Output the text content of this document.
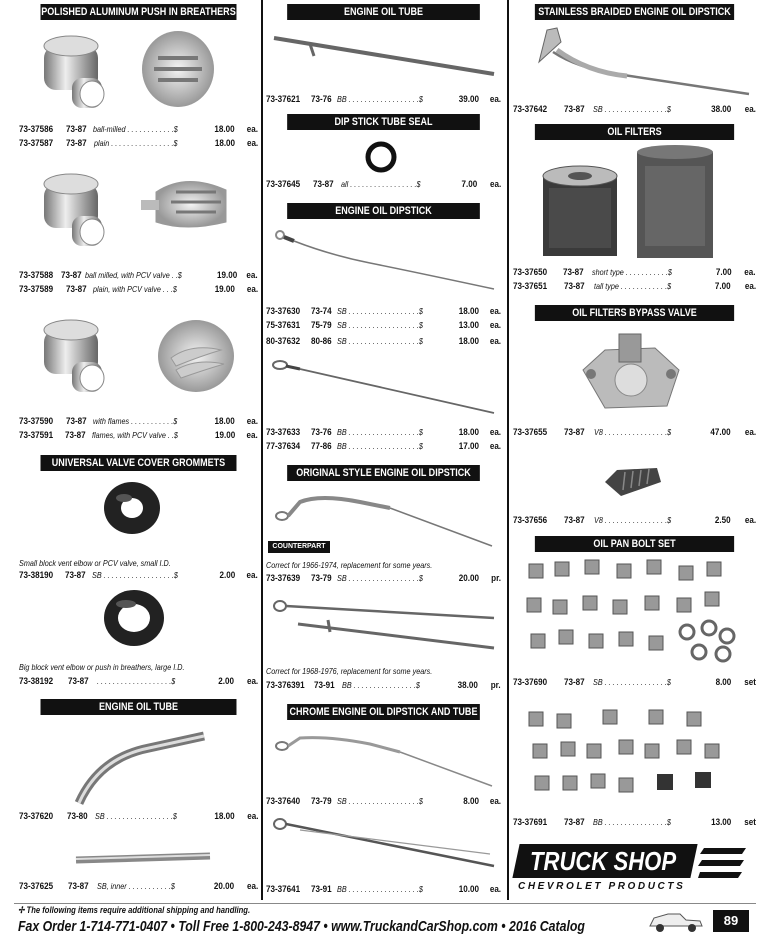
POLISHED ALUMINUM PUSH IN BREATHERS
73-37586	73-87 ball-milled . . . . . . . . . . . .$	18.00	ea.
73-37587	73-87 plain . . . . . . . . . . . . . . . .$	18.00	ea.
73-37588 73-87 ball milled, with PCV valve . .$	19.00 ea.
73-37589	73-87 plain, with PCV valve . . .$	19.00	ea.
73-37590	73-87 with flames . . . . . . . . . . .$	18.00	ea.
73-37591	73-87 flames, with PCV valve . .$	19.00	ea.
UNIVERSAL VALVE COVER GROMMETS
Small block vent elbow or PCV valve, small I.D.
73-38190	73-87 SB . . . . . . . . . . . . . . . . . .$	2.00	ea.
Big block vent elbow or push in breathers, large I.D.
73-38192	73-87 . . . . . . . . . . . . . . . . . . .$	2.00	ea.
ENGINE OIL TUBE
73-37620	73-80 SB . . . . . . . . . . . . . . . . .$	18.00	ea.
73-37625	73-87 SB, inner . . . . . . . . . . .$	20.00	ea.
ENGINE OIL TUBE
73-37621	73-76 BB . . . . . . . . . . . . . . . . . .$	39.00	ea.
DIP STICK TUBE SEAL
73-37645	73-87 all . . . . . . . . . . . . . . . . .$	7.00	ea.
ENGINE OIL DIPSTICK
73-37630	73-74 SB . . . . . . . . . . . . . . . . . .$	18.00	ea.
75-37631	75-79 SB . . . . . . . . . . . . . . . . . .$	13.00	ea.
80-37632	80-86 SB . . . . . . . . . . . . . . . . . .$	18.00	ea.
73-37633	73-76 BB . . . . . . . . . . . . . . . . . .$	18.00	ea.
77-37634	77-86 BB . . . . . . . . . . . . . . . . . .$	17.00	ea.
ORIGINAL STYLE ENGINE OIL DIPSTICK AND TUBE
COUNTERPART
Correct for 1966-1974, replacement for some years.
73-37639	73-79 SB . . . . . . . . . . . . . . . . . .$	20.00	pr.
Correct for 1968-1976, replacement for some years.
73-376391 73-91 BB . . . . . . . . . . . . . . . .$	38.00	pr.
CHROME ENGINE OIL DIPSTICK AND TUBE
73-37640	73-79 SB . . . . . . . . . . . . . . . . . .$	8.00	ea.
73-37641	73-91 BB . . . . . . . . . . . . . . . . . .$	10.00	ea.
STAINLESS BRAIDED ENGINE OIL DIPSTICK AND TUBE
73-37642	73-87	SB . . . . . . . . . . . . . . . .$	38.00	ea.
OIL FILTERS
73-37650	73-87 short type . . . . . . . . . . .$	7.00	ea.
73-37651	73-87	tall type . . . . . . . . . . . .$	7.00	ea.
OIL FILTERS BYPASS VALVE
73-37655	73-87	V8 . . . . . . . . . . . . . . . .$	47.00	ea.
73-37656	73-87	V8 . . . . . . . . . . . . . . . .$	2.50	ea.
OIL PAN BOLT SET
73-37690	73-87	SB . . . . . . . . . . . . . . . .$	8.00	set
73-37691	73-87	BB . . . . . . . . . . . . . . . .$	13.00	set
TRUCK SHOP
CHEVROLET PRODUCTS
✢ The following items require additional shipping and handling.
Fax Order 1-714-771-0407 • Toll Free 1-800-243-8947 • www.TruckandCarShop.com • 2016 Catalog	89
